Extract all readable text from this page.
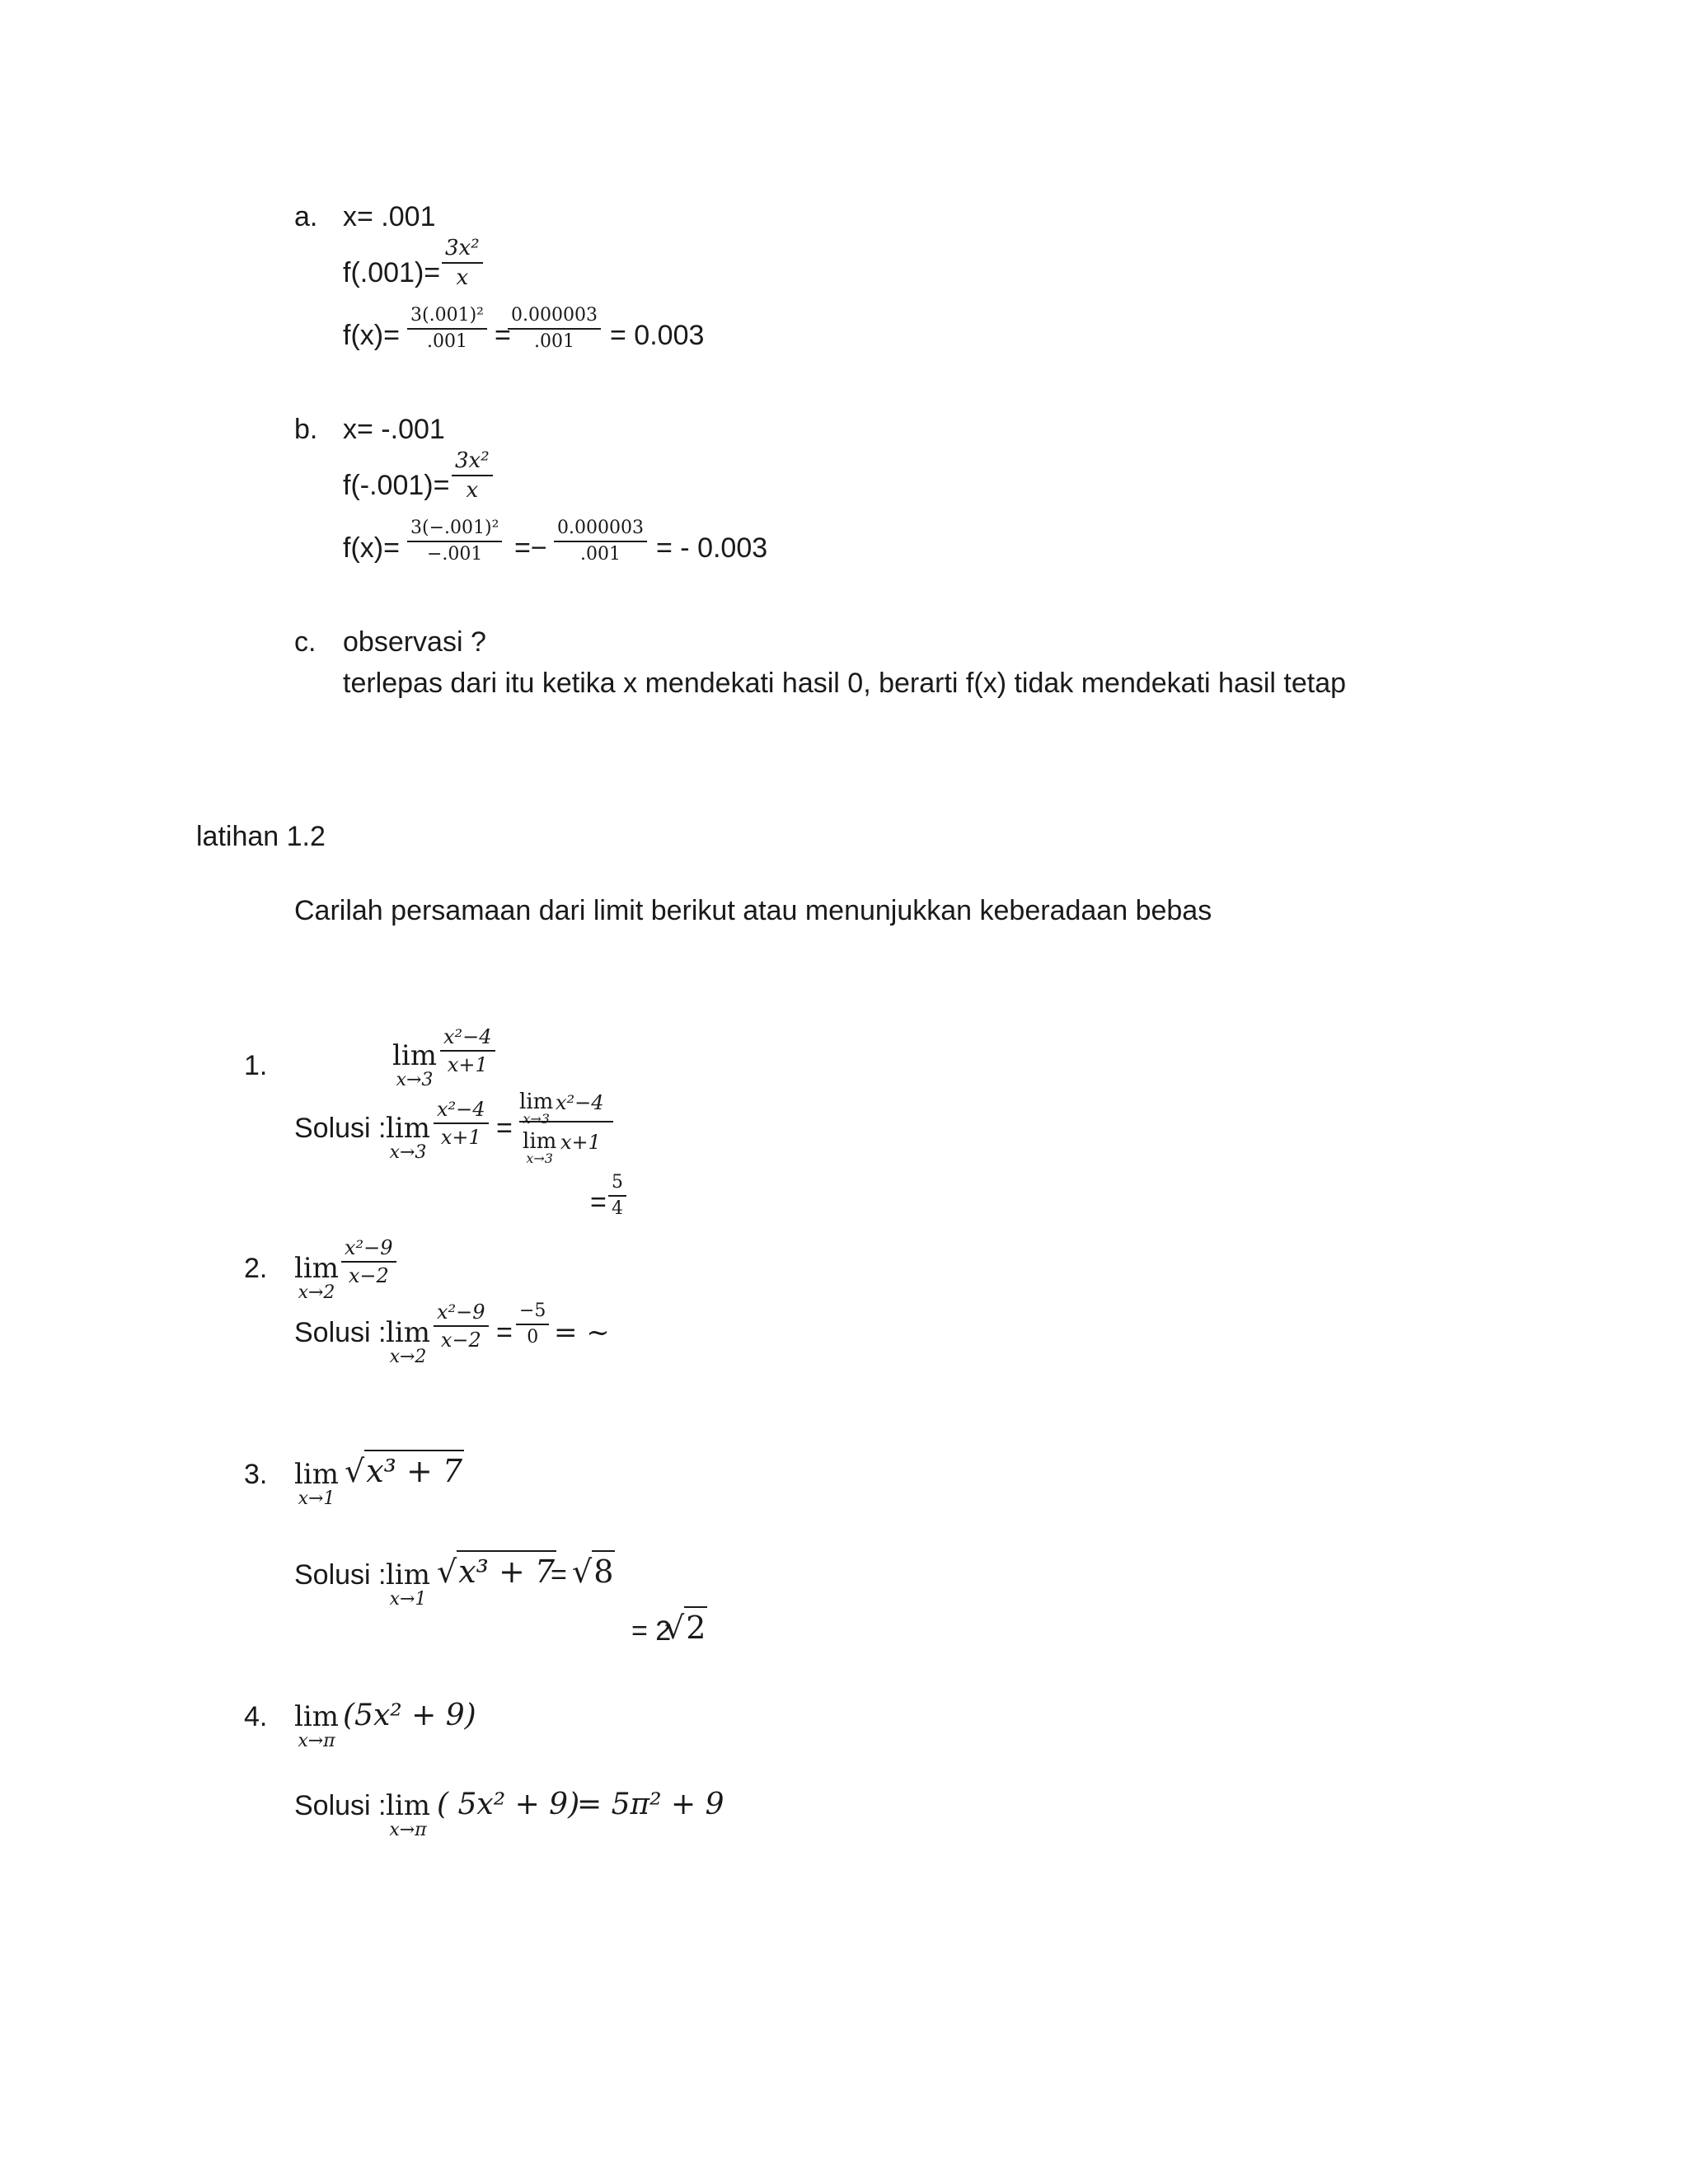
a. x= .001
$f(.001)= \frac{\text{3x²}}{x}$
$f(x)= \frac{\text{3(.001)²}}{.001}$ =
$\frac{0.000003}{.001} = 0.003$
b. x= -.001
$f(-.001)= \frac{\text{3x²}}{x}$
$f(x)= \frac{\text{3(−.001)²}}{-.001} =- \frac{0.000003}{.001}$ = - 0.003
c. observasi ?
terlepas dari itu ketika x mendekati hasil 0, berarti f(x) tidak mendekati hasil tetap
latihan 1.2
Carilah persamaan dari limit berikut atau menunjukkan keberadaan bebas
1.	lim
x→3
$\frac{\text{x²−4}}{x+1}$
Solusi : lim
x→3
$\frac{\text{x²−4}}{x+1}$ =
lim
x→3
x²−4
lim
x→3
x+1
= $\frac{5}{4}$
2. lim
x→2
$\frac{\text{x²−9}}{x-2}$
Solusi : lim
x→2
$\frac{\text{x²−9}}{x-2} = \frac{-5}{0}$ = ~
3. lim
x→1
√x³ + 7
Solusi : lim
x→1
√x³ + 7
= √8
= 2
√2
4. lim
x→π
(5x² + 9)
Solusi : lim
x→π
( 5x² + 9)
= 5π² + 9
